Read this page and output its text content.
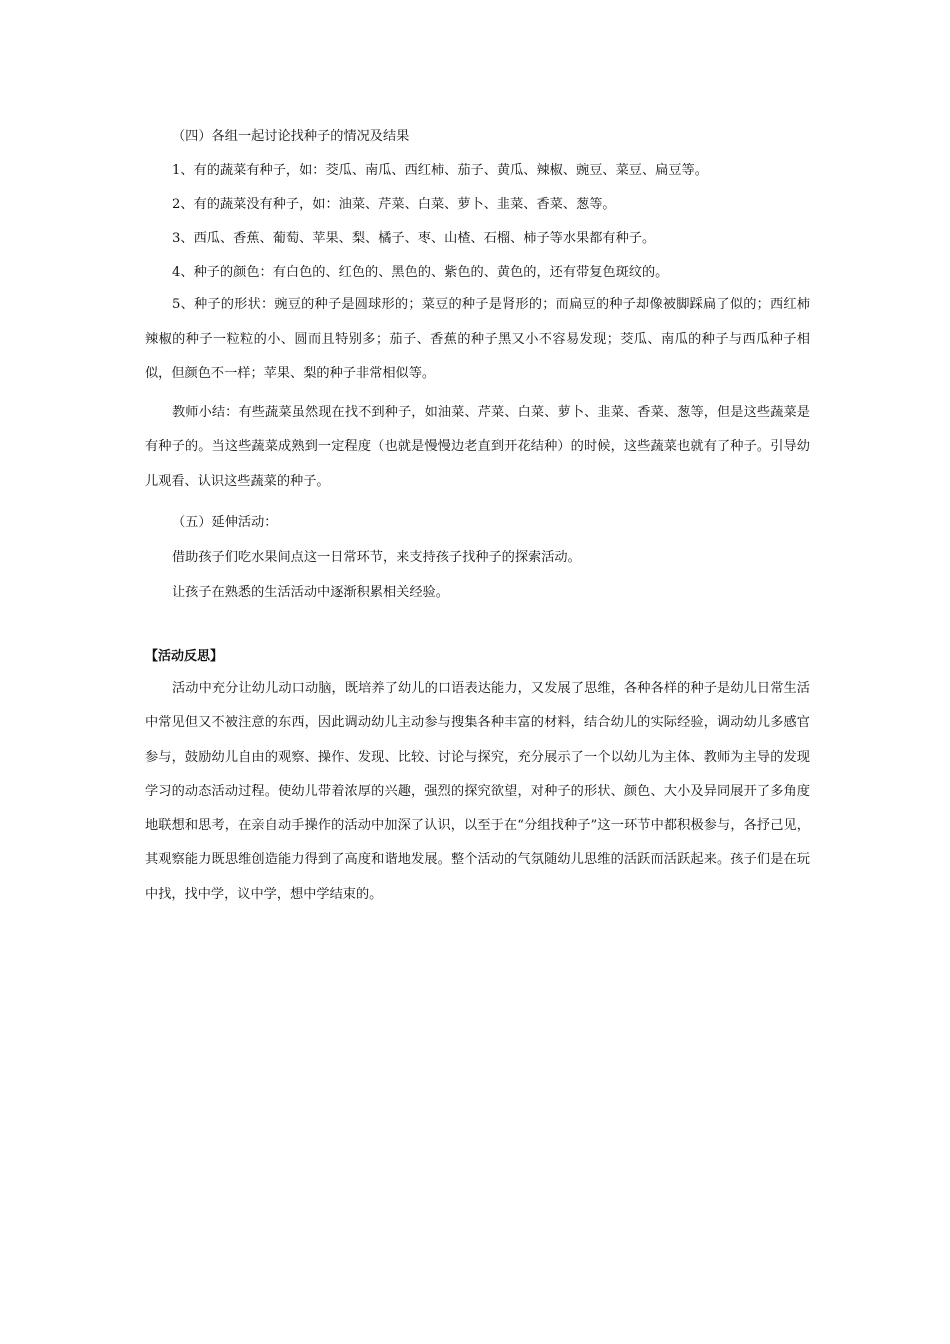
（四）各组一起讨论找种子的情况及结果

1、有的蔬菜有种子，如：茭瓜、南瓜、西红柿、茄子、黄瓜、辣椒、豌豆、菜豆、扁豆等。

2、有的蔬菜没有种子，如：油菜、芹菜、白菜、萝卜、韭菜、香菜、葱等。

3、西瓜、香蕉、葡萄、苹果、梨、橘子、枣、山楂、石榴、柿子等水果都有种子。

4、种子的颜色：有白色的、红色的、黑色的、紫色的、黄色的，还有带复色斑纹的。

5、种子的形状：豌豆的种子是圆球形的；菜豆的种子是肾形的；而扁豆的种子却像被脚踩扁了似的；西红柿辣椒的种子一粒粒的小、圆而且特别多；茄子、香蕉的种子黑又小不容易发现；茭瓜、南瓜的种子与西瓜种子相似，但颜色不一样；苹果、梨的种子非常相似等。

教师小结：有些蔬菜虽然现在找不到种子，如油菜、芹菜、白菜、萝卜、韭菜、香菜、葱等，但是这些蔬菜是有种子的。当这些蔬菜成熟到一定程度（也就是慢慢边老直到开花结种）的时候，这些蔬菜也就有了种子。引导幼儿观看、认识这些蔬菜的种子。

（五）延伸活动：

借助孩子们吃水果间点这一日常环节，来支持孩子找种子的探索活动。

让孩子在熟悉的生活活动中逐渐积累相关经验。

【活动反思】

活动中充分让幼儿动口动脑，既培养了幼儿的口语表达能力，又发展了思维，各种各样的种子是幼儿日常生活中常见但又不被注意的东西，因此调动幼儿主动参与搜集各种丰富的材料，结合幼儿的实际经验，调动幼儿多感官参与，鼓励幼儿自由的观察、操作、发现、比较、讨论与探究，充分展示了一个以幼儿为主体、教师为主导的发现学习的动态活动过程。使幼儿带着浓厚的兴趣，强烈的探究欲望，对种子的形状、颜色、大小及异同展开了多角度地联想和思考，在亲自动手操作的活动中加深了认识，以至于在“分组找种子”这一环节中都积极参与，各抒己见，其观察能力既思维创造能力得到了高度和谐地发展。整个活动的气氛随幼儿思维的活跃而活跃起来。孩子们是在玩中找，找中学，议中学，想中学结束的。
